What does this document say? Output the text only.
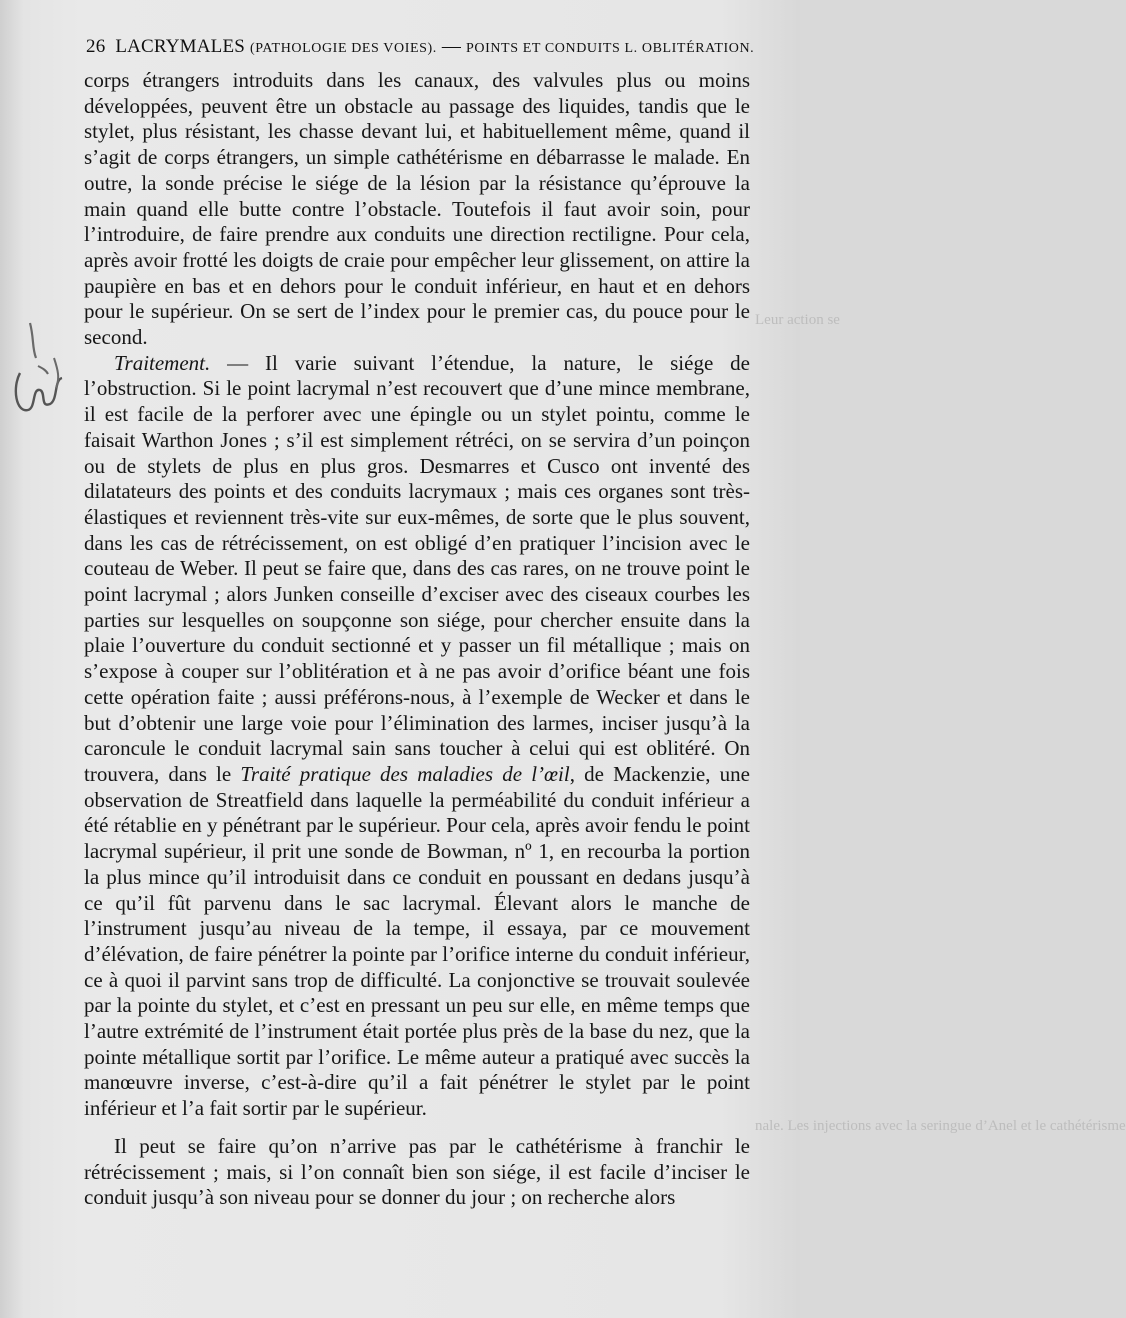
26 LACRYMALES (PATHOLOGIE DES VOIES). — POINTS ET CONDUITS L. OBLITÉRATION.
Leur action se
nale. Les injections avec la seringue d’Anel et le cathétérisme

corps étrangers introduits dans les canaux, des valvules plus ou moins développées, peuvent être un obstacle au passage des liquides, tandis que le stylet, plus résistant, les chasse devant lui, et habituellement même, quand il s’agit de corps étrangers, un simple cathétérisme en débarrasse le malade. En outre, la sonde précise le siége de la lésion par la résistance qu’éprouve la main quand elle butte contre l’obstacle. Toutefois il faut avoir soin, pour l’introduire, de faire prendre aux conduits une direction rectiligne. Pour cela, après avoir frotté les doigts de craie pour empêcher leur glissement, on attire la paupière en bas et en dehors pour le conduit inférieur, en haut et en dehors pour le supérieur. On se sert de l’index pour le premier cas, du pouce pour le second.

Traitement. — Il varie suivant l’étendue, la nature, le siége de l’obstruction. Si le point lacrymal n’est recouvert que d’une mince membrane, il est facile de la perforer avec une épingle ou un stylet pointu, comme le faisait Warthon Jones ; s’il est simplement rétréci, on se servira d’un poinçon ou de stylets de plus en plus gros. Desmarres et Cusco ont inventé des dilatateurs des points et des conduits lacrymaux ; mais ces organes sont très-élastiques et reviennent très-vite sur eux-mêmes, de sorte que le plus souvent, dans les cas de rétrécissement, on est obligé d’en pratiquer l’incision avec le couteau de Weber. Il peut se faire que, dans des cas rares, on ne trouve point le point lacrymal ; alors Junken conseille d’exciser avec des ciseaux courbes les parties sur lesquelles on soupçonne son siége, pour chercher ensuite dans la plaie l’ouverture du conduit sectionné et y passer un fil métallique ; mais on s’expose à couper sur l’oblitération et à ne pas avoir d’orifice béant une fois cette opération faite ; aussi préférons-nous, à l’exemple de Wecker et dans le but d’obtenir une large voie pour l’élimination des larmes, inciser jusqu’à la caroncule le conduit lacrymal sain sans toucher à celui qui est oblitéré. On trouvera, dans le Traité pratique des maladies de l’œil, de Mackenzie, une observation de Streatfield dans laquelle la perméabilité du conduit inférieur a été rétablie en y pénétrant par le supérieur. Pour cela, après avoir fendu le point lacrymal supérieur, il prit une sonde de Bowman, nº 1, en recourba la portion la plus mince qu’il introduisit dans ce conduit en poussant en dedans jusqu’à ce qu’il fût parvenu dans le sac lacrymal. Élevant alors le manche de l’instrument jusqu’au niveau de la tempe, il essaya, par ce mouvement d’élévation, de faire pénétrer la pointe par l’orifice interne du conduit inférieur, ce à quoi il parvint sans trop de difficulté. La conjonctive se trouvait soulevée par la pointe du stylet, et c’est en pressant un peu sur elle, en même temps que l’autre extrémité de l’instrument était portée plus près de la base du nez, que la pointe métallique sortit par l’orifice. Le même auteur a pratiqué avec succès la manœuvre inverse, c’est-à-dire qu’il a fait pénétrer le stylet par le point inférieur et l’a fait sortir par le supérieur.

Il peut se faire qu’on n’arrive pas par le cathétérisme à franchir le rétrécissement ; mais, si l’on connaît bien son siége, il est facile d’inciser le conduit jusqu’à son niveau pour se donner du jour ; on recherche alors
